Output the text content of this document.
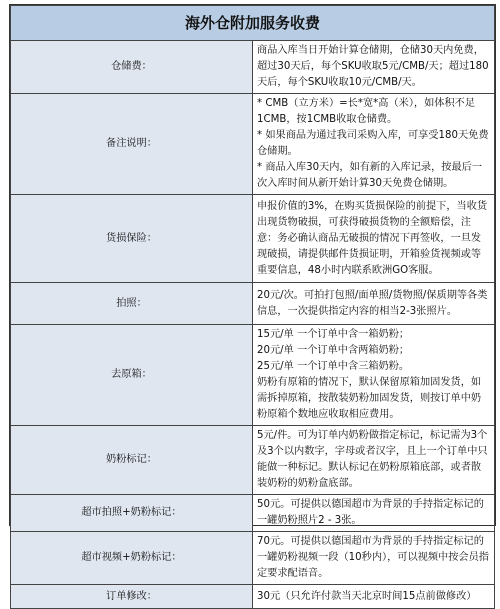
海外仓附加服务收费	
仓储费：	商品入库当日开始计算仓储期，仓储30天内免费，超过30天后，每个SKU收取5元/CMB/天；超过180天后，每个SKU收取10元/CMB/天。

备注说明：	* CMB（立方米）=长*宽*高（米），如体积不足1CMB，按1CMB收取仓储费。
* 如果商品为通过我司采购入库，可享受180天免费仓储期。
* 商品入库30天内，如有新的入库记录，按最后一次入库时间从新开始计算30天免费仓储期。

货损保险：	申报价值的3%，在购买货损保险的前提下，当收货出现货物破损，可获得破损货物的全额赔偿，注意：务必确认商品无破损的情况下再签收，一旦发现破损，请提供邮件货损证明，开箱验货视频或等重要信息，48小时内联系欧洲GO客服。

拍照：	20元/次。可拍打包照/面单照/货物照/保质期等各类信息，一次提供指定内容的相当2-3张照片。

去原箱：	15元/单 一个订单中含一箱奶粉；
20元/单 一个订单中含两箱奶粉；
25元/单 一个订单中含三箱奶粉。
奶粉有原箱的情况下，默认保留原箱加固发货，如需拆掉原箱，按散装奶粉加固发货，则按订单中奶粉原箱个数地应收取相应费用。

奶粉标记：	5元/件。可为订单内奶粉做指定标记，标记需为3个及3个以内数字，字母或者汉字，且上一个订单中只能做一种标记。默认标记在奶粉原箱底部，或者散装奶粉的奶粉盒底部。

超市拍照+奶粉标记：	50元。可提供以德国超市为背景的手持指定标记的一罐奶粉照片2 - 3张。

超市视频+奶粉标记：	70元。可提供以德国超市为背景的手持指定标记的一罐奶粉视频一段（10秒内），可以视频中按会员指定要求配语音。

订单修改：	30元（只允许付款当天北京时间15点前做修改）
